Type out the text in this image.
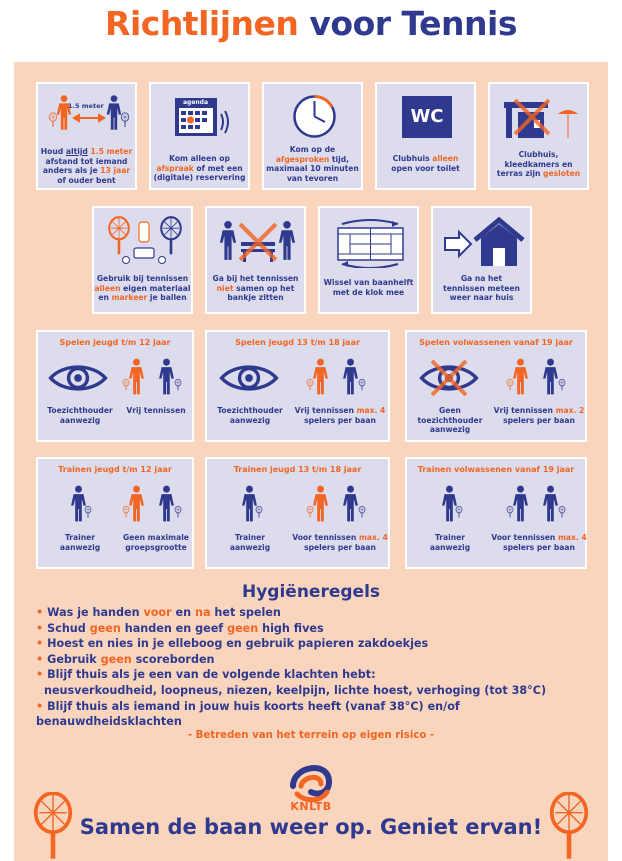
Richtlijnen voor Tennis
1.5 meter
Houd altijd 1.5 meter
afstand tot iemand
anders als je 13 jaar
of ouder bent
agenda
Kom alleen op
afspraak of met een
(digitale) reservering
Kom op de
afgesproken tijd,
maximaal 10 minuten
van tevoren
WC
Clubhuis alleen
open voor toilet
Clubhuis,
kleedkamers en
terras zijn gesloten
Gebruik bij tennissen
alleen eigen materiaal
en markeer je ballen
Ga bij het tennissen
niet samen op het
bankje zitten
Wissel van baanhelft
met de klok mee
Ga na het
tennissen meteen
weer naar huis
Spelen jeugd t/m 12 jaar
Toezichthouder
aanwezig
Vrij tennissen
Spelen jeugd 13 t/m 18 jaar
Toezichthouder
aanwezig
Vrij tennissen max. 4
spelers per baan
Spelen volwassenen vanaf 19 jaar
Geen
toezichthouder
aanwezig
Vrij tennissen max. 2
spelers per baan
Trainen jeugd t/m 12 jaar
Trainer
aanwezig
Geen maximale
groepsgrootte
Trainen jeugd 13 t/m 18 jaar
Trainer
aanwezig
Voor tennissen max. 4
spelers per baan
Trainen volwassenen vanaf 19 jaar
Trainer
aanwezig
Voor tennissen max. 4
spelers per baan
Hygiëneregels
• Was je handen voor en na het spelen
• Schud geen handen en geef geen high fives
• Hoest en nies in je elleboog en gebruik papieren zakdoekjes
• Gebruik geen scoreborden
• Blijf thuis als je een van de volgende klachten hebt:
neusverkoudheid, loopneus, niezen, keelpijn, lichte hoest, verhoging (tot 38°C)
• Blijf thuis als iemand in jouw huis koorts heeft (vanaf 38°C) en/of benauwdheidsklachten
- Betreden van het terrein op eigen risico -
KNLTB
Samen de baan weer op. Geniet ervan!
